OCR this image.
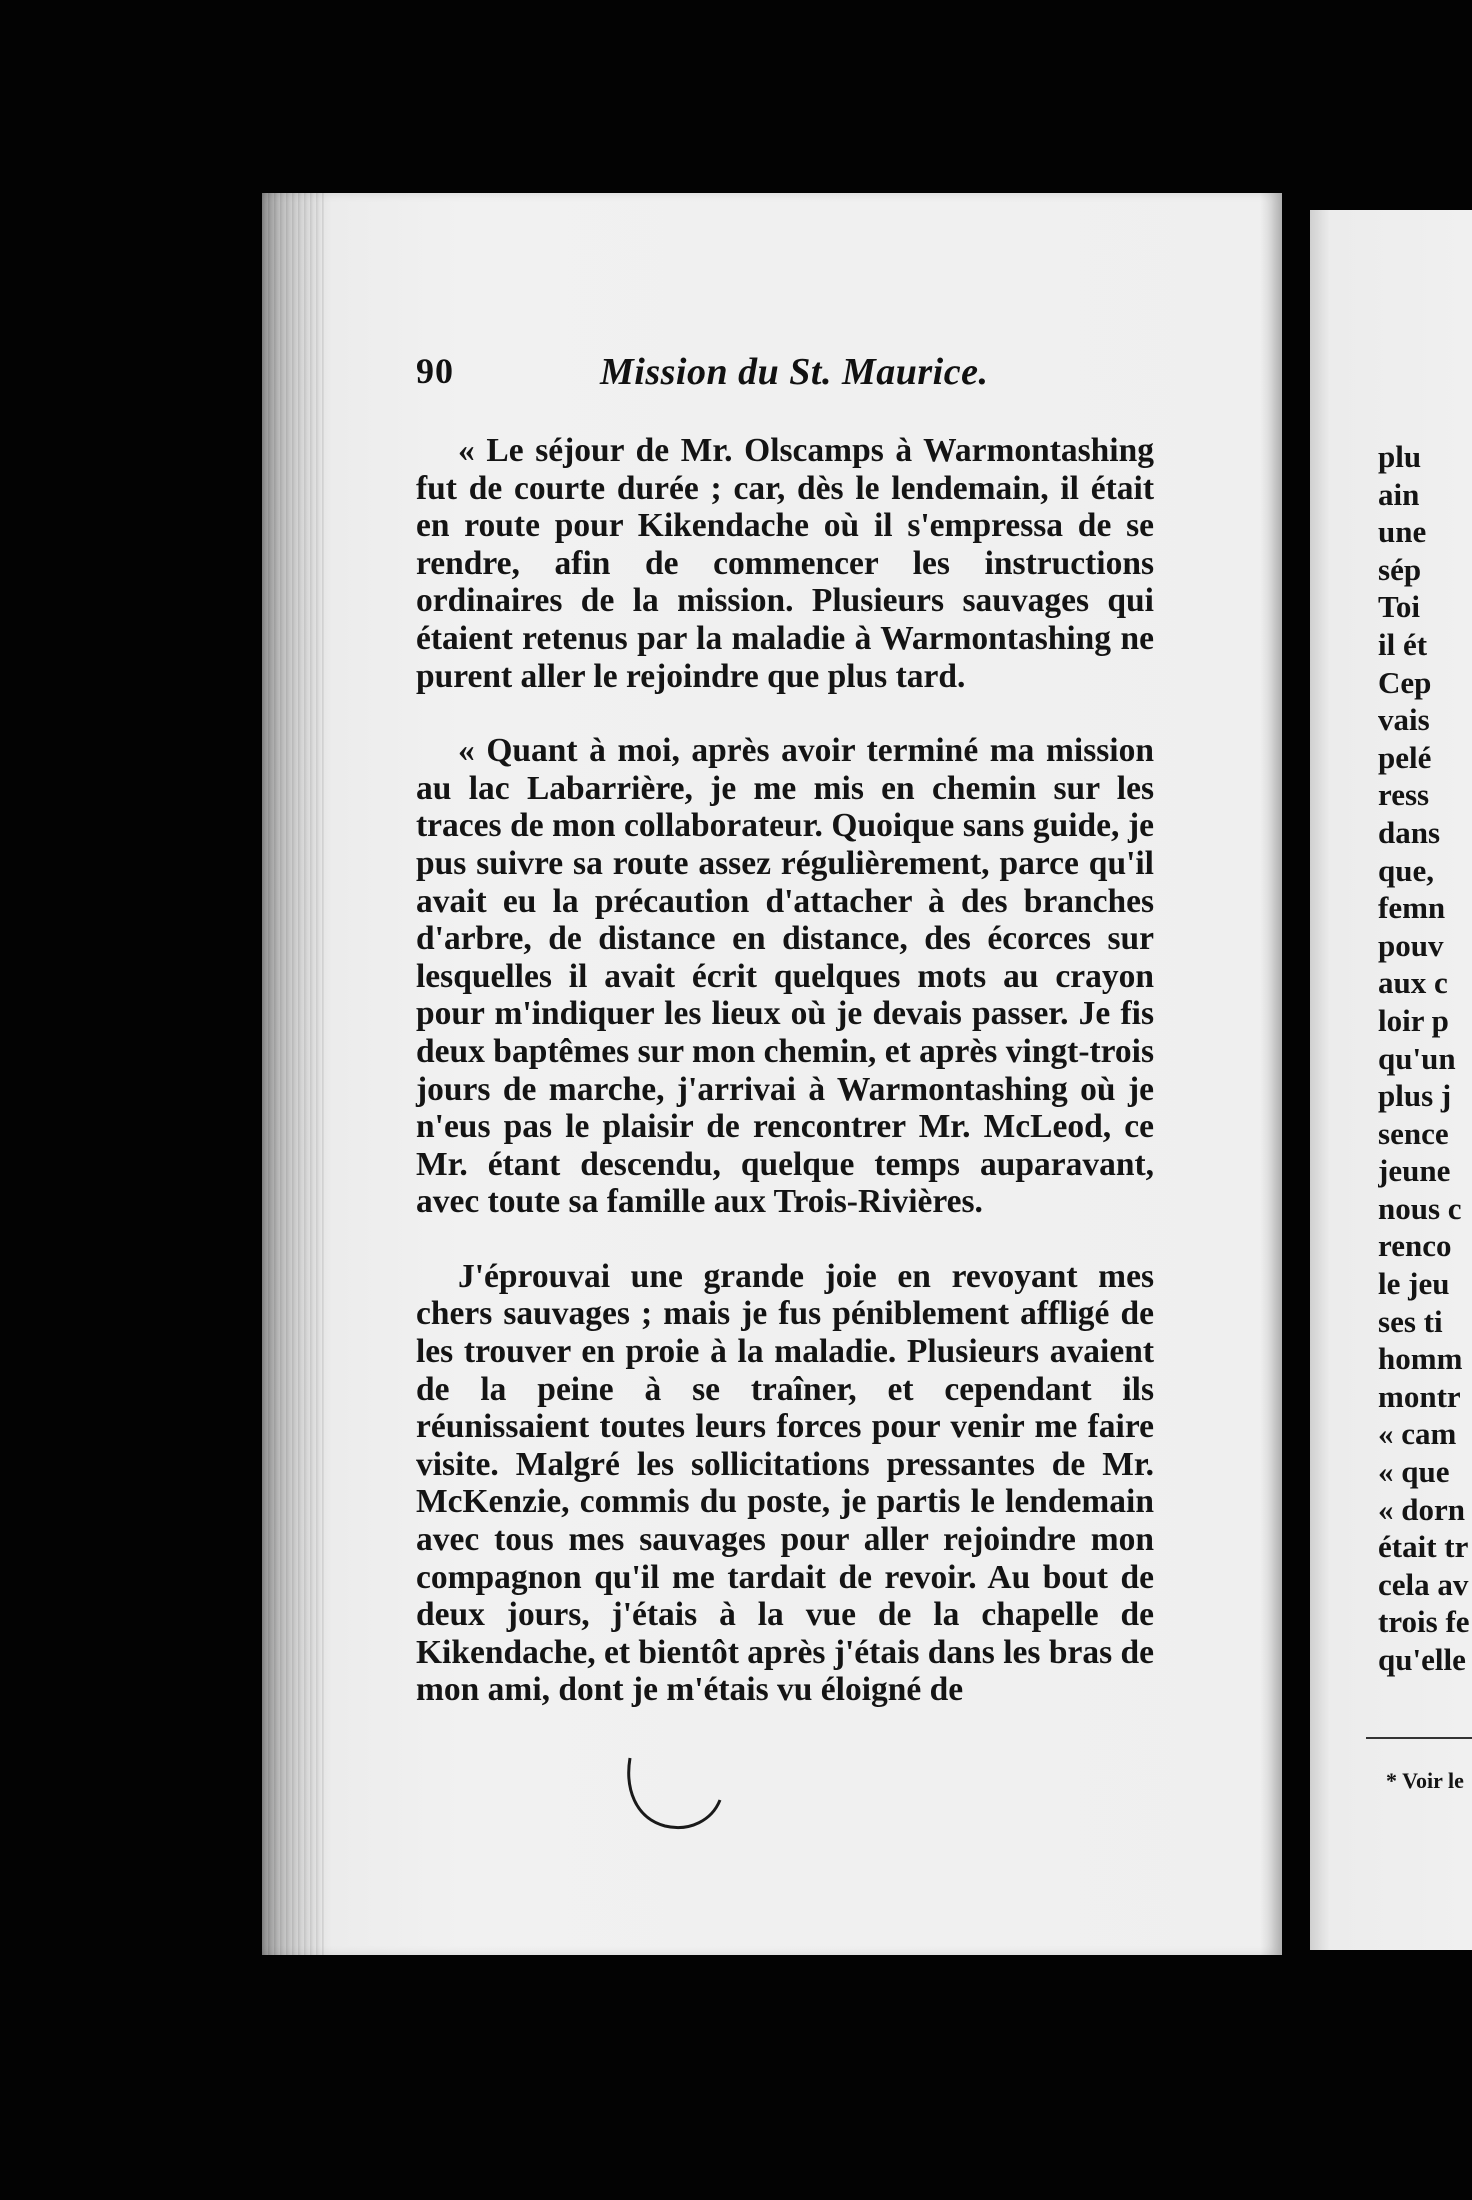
90	Mission du St. Maurice.

« Le séjour de Mr. Olscamps à Warmontashing fut de courte durée ; car, dès le lendemain, il était en route pour Kikendache où il s'empressa de se rendre, afin de commencer les instructions ordinaires de la mission. Plusieurs sauvages qui étaient retenus par la maladie à Warmontashing ne purent aller le rejoindre que plus tard.

« Quant à moi, après avoir terminé ma mission au lac Labarrière, je me mis en chemin sur les traces de mon collaborateur. Quoique sans guide, je pus suivre sa route assez régulièrement, parce qu'il avait eu la précaution d'attacher à des branches d'arbre, de distance en distance, des écorces sur lesquelles il avait écrit quelques mots au crayon pour m'indiquer les lieux où je devais passer. Je fis deux baptêmes sur mon chemin, et après vingt-trois jours de marche, j'arrivai à Warmontashing où je n'eus pas le plaisir de rencontrer Mr. McLeod, ce Mr. étant descendu, quelque temps auparavant, avec toute sa famille aux Trois-Rivières.

J'éprouvai une grande joie en revoyant mes chers sauvages ; mais je fus péniblement affligé de les trouver en proie à la maladie. Plusieurs avaient de la peine à se traîner, et cependant ils réunissaient toutes leurs forces pour venir me faire visite. Malgré les sollicitations pressantes de Mr. McKenzie, commis du poste, je partis le lendemain avec tous mes sauvages pour aller rejoindre mon compagnon qu'il me tardait de revoir. Au bout de deux jours, j'étais à la vue de la chapelle de Kikendache, et bientôt après j'étais dans les bras de mon ami, dont je m'étais vu éloigné de

plu
ain
une
sép
Toi
il ét
Cep
vais
pelé
ress
dans
que,
femn
pouv
aux c
loir p
qu'un
plus j
sence
jeune
nous c
renco
le jeu
ses ti
homm
montr
« cam
« que
« dorn
était tr
cela av
trois fe
qu'elle
* Voir le
